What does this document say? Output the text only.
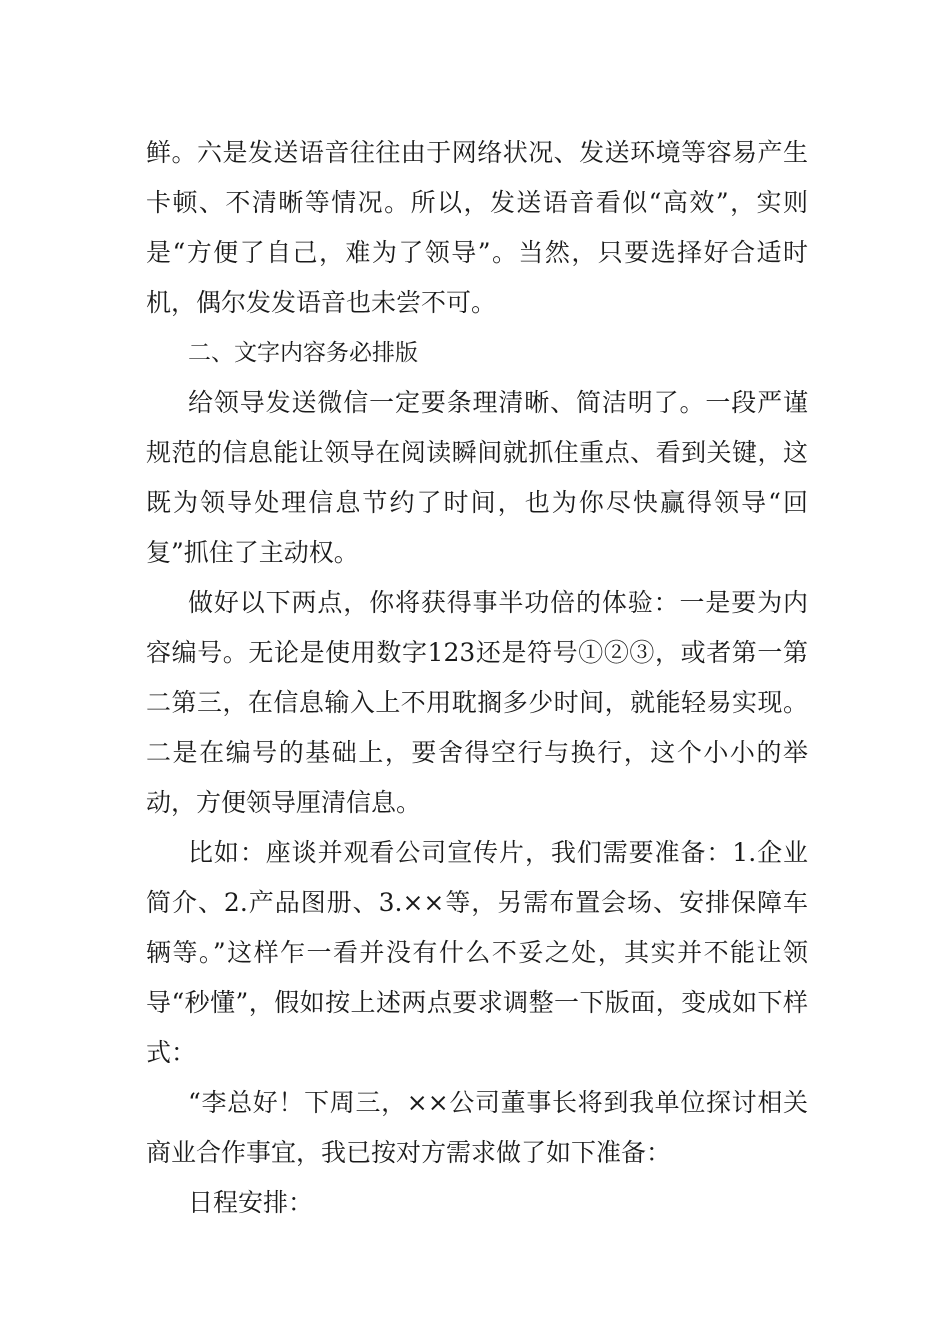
鲜。六是发送语音往往由于网络状况、发送环境等容易产生卡顿、不清晰等情况。所以，发送语音看似“高效”，实则是“方便了自己，难为了领导”。当然，只要选择好合适时机，偶尔发发语音也未尝不可。

二、文字内容务必排版

给领导发送微信一定要条理清晰、简洁明了。一段严谨规范的信息能让领导在阅读瞬间就抓住重点、看到关键，这既为领导处理信息节约了时间，也为你尽快赢得领导“回复”抓住了主动权。

做好以下两点，你将获得事半功倍的体验：一是要为内容编号。无论是使用数字123还是符号①②③，或者第一第二第三，在信息输入上不用耽搁多少时间，就能轻易实现。二是在编号的基础上，要舍得空行与换行，这个小小的举动，方便领导厘清信息。

比如：座谈并观看公司宣传片，我们需要准备：1.企业简介、2.产品图册、3.××等，另需布置会场、安排保障车辆等。”这样乍一看并没有什么不妥之处，其实并不能让领导“秒懂”，假如按上述两点要求调整一下版面，变成如下样式：

“李总好！下周三，××公司董事长将到我单位探讨相关商业合作事宜，我已按对方需求做了如下准备：

日程安排：
